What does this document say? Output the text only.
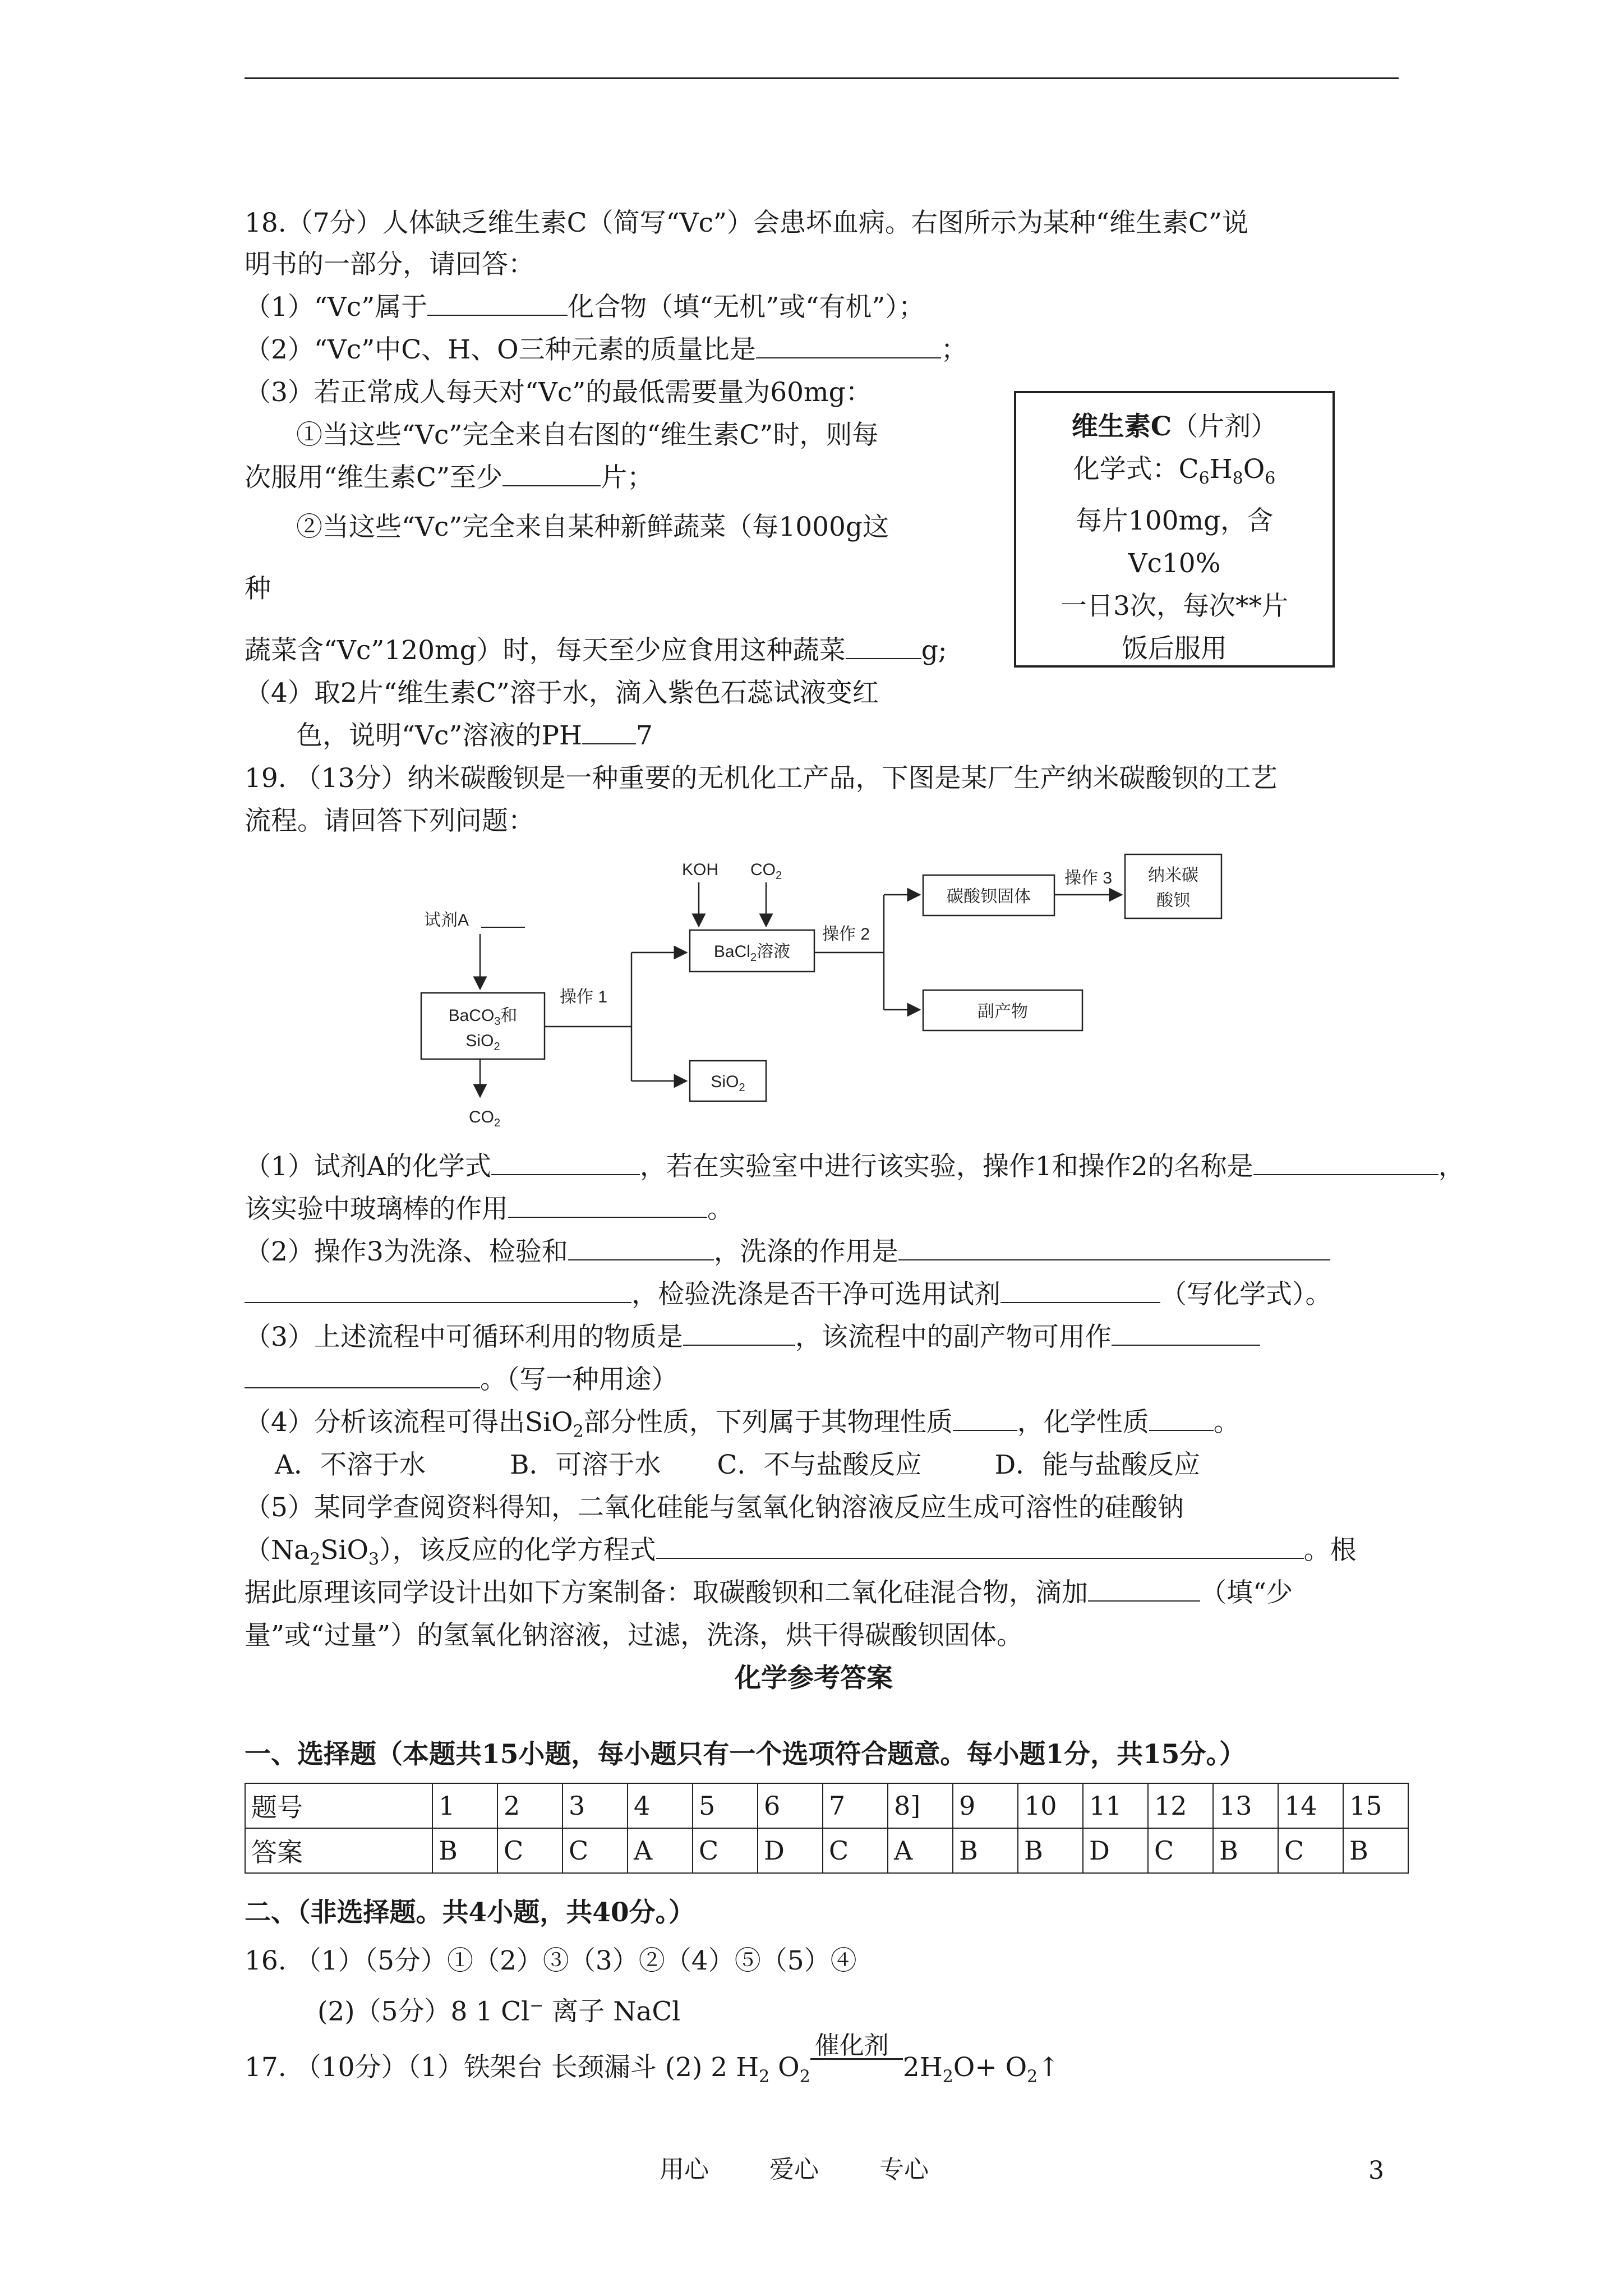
18.（7分）人体缺乏维生素C（简写“Vc”）会患坏血病。右图所示为某种“维生素C”说
明书的一部分，请回答：
（1）“Vc”属于	化合物（填“无机”或“有机”）；
（2）“Vc”中C、H、O三种元素的质量比是	；
（3）若正常成人每天对“Vc”的最低需要量为60mg：
①当这些“Vc”完全来自右图的“维生素C”时，则每
次服用“维生素C”至少	片；
②当这些“Vc”完全来自某种新鲜蔬菜（每1000g这
种
蔬菜含“Vc”120mg）时，每天至少应食用这种蔬菜	g;
（4）取2片“维生素C”溶于水，滴入紫色石蕊试液变红
色，说明“Vc”溶液的PH 7
维生素C（片剂）
化学式：$C_6H_8O_6$
每片100mg，含
Vc10%
一日3次，每次**片
饭后服用
19. （13分）纳米碳酸钡是一种重要的无机化工产品，下图是某厂生产纳米碳酸钡的工艺
流程。请回答下列问题：
试剂A
BaCO$_3$和
SiO$_2$
$CO_2$
操作 1
SiO$_2$
KOH $CO_2$
BaCl$_2$溶液
操作 2
碳酸钡固体
操作 3 纳米碳
酸钡
副产物
（1）试剂A的化学式	，若在实验室中进行该实验，操作1和操作2的名称是	，
该实验中玻璃棒的作用	。
（2）操作3为洗涤、检验和	，洗涤的作用是
，检验洗涤是否干净可选用试剂	（写化学式）。
（3）上述流程中可循环利用的物质是	，该流程中的副产物可用作
。（写一种用途）
（4）分析该流程可得出SiO$_2$部分性质，下列属于其物理性质 ，化学性质 。
A．不溶于水	B．可溶于水 C．不与盐酸反应	D．能与盐酸反应
（5）某同学查阅资料得知，二氧化硅能与氢氧化钠溶液反应生成可溶性的硅酸钠
$(Na_2SiO_3)$，该反应的化学方程式	。根
据此原理该同学设计出如下方案制备：取碳酸钡和二氧化硅混合物，滴加	（填“少
量”或“过量”）的氢氧化钠溶液，过滤，洗涤，烘干得碳酸钡固体。
化学参考答案
一、选择题（本题共15小题，每小题只有一个选项符合题意。每小题1分，共15分。）
题号	1	2	3	4	5	6	7	8]	9	10	11	12	13	14	15
答案	B	C	C	A	C	D	C	A	B	B	D	C	B	C	B
二、（非选择题。共4小题，共40分。）
16. （1）（5分）①（2）③（3）②（4）⑤（5）④
(2)（5分）8 1 Cl− 离子 NaCl
17. （10分）（1）铁架台 长颈漏斗 (2) 2 $H_2$ $O_2$
催化剂
$2H_2O+$ $O_2↑$
用心 爱心 专心	3
